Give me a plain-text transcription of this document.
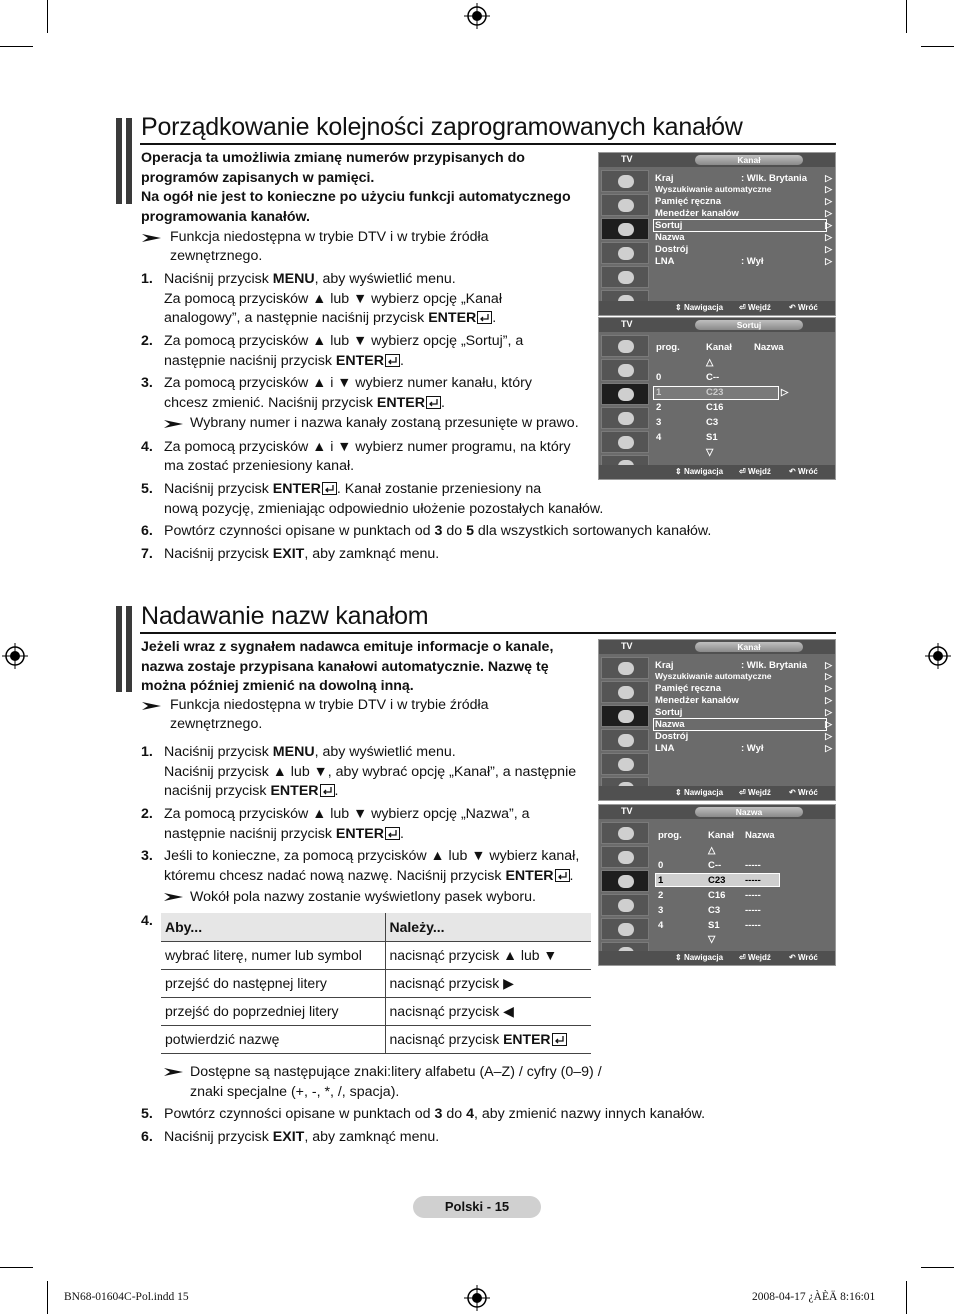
Porządkowanie kolejności zaprogramowanych kanałów
Operacja ta umożliwia zmianę numerów przypisanych do
programów zapisanych w pamięci.
Na ogół nie jest to konieczne po użyciu funkcji automatycznego
programowania kanałów.
Funkcja niedostępna w trybie DTV i w trybie źródła
zewnętrznego.
1. Naciśnij przycisk MENU, aby wyświetlić menu.
Za pomocą przycisków ▲ lub ▼ wybierz opcję „Kanał
analogowy”, a następnie naciśnij przycisk ENTER .
2. Za pomocą przycisków ▲ lub ▼ wybierz opcję „Sortuj”, a
następnie naciśnij przycisk ENTER .
3. Za pomocą przycisków ▲ i ▼ wybierz numer kanału, który
chcesz zmienić. Naciśnij przycisk ENTER .
Wybrany numer i nazwa kanały zostaną przesunięte w prawo.
4. Za pomocą przycisków ▲ i ▼ wybierz numer programu, na który
ma zostać przeniesiony kanał.
5. Naciśnij przycisk ENTER . Kanał zostanie przeniesiony na
nową pozycję, zmieniając odpowiednio ułożenie pozostałych kanałów.
6. Powtórz czynności opisane w punktach od 3 do 5 dla wszystkich sortowanych kanałów.
7. Naciśnij przycisk EXIT, aby zamknąć menu.
TV	Kanał
Kraj	: Wlk. Brytania ▷
Wyszukiwanie automatyczne	▷
Pamięć ręczna	▷
Menedżer kanałów	▷
Sortuj	▷
Nazwa	▷
Dostrój	▷
LNA	: Wył	▷
⇕ Nawigacja ⏎ Wejdź ↶ Wróć
TV	Sortuj
prog.	Kanał Nazwa
△
0	C--
1	C23	▷
2	C16
3	C3
4	S1
▽
⇕ Nawigacja ⏎ Wejdź ↶ Wróć
Nadawanie nazw kanałom
Jeżeli wraz z sygnałem nadawca emituje informacje o kanale,
nazwa zostaje przypisana kanałowi automatycznie. Nazwę tę
można później zmienić na dowolną inną.
Funkcja niedostępna w trybie DTV i w trybie źródła
zewnętrznego.
1. Naciśnij przycisk MENU, aby wyświetlić menu.
Naciśnij przycisk ▲ lub ▼, aby wybrać opcję „Kanał”, a następnie
naciśnij przycisk ENTER .
2. Za pomocą przycisków ▲ lub ▼ wybierz opcję „Nazwa”, a
następnie naciśnij przycisk ENTER .
3. Jeśli to konieczne, za pomocą przycisków ▲ lub ▼ wybierz kanał,
któremu chcesz nadać nową nazwę. Naciśnij przycisk ENTER .
Wokół pola nazwy zostanie wyświetlony pasek wyboru.
4. Aby...	Należy...
wybrać literę, numer lub symbol	nacisnąć przycisk ▲ lub ▼
przejść do następnej litery	nacisnąć przycisk ▶
przejść do poprzedniej litery	nacisnąć przycisk ◀
potwierdzić nazwę	nacisnąć przycisk ENTER
Dostępne są następujące znaki:litery alfabetu (A–Z) / cyfry (0–9) /
znaki specjalne (+, -, *, /, spacja).
5. Powtórz czynności opisane w punktach od 3 do 4, aby zmienić nazwy innych kanałów.
6. Naciśnij przycisk EXIT, aby zamknąć menu.
TV	Kanał
Kraj	: Wlk. Brytania ▷
Wyszukiwanie automatyczne	▷
Pamięć ręczna	▷
Menedżer kanałów	▷
Sortuj	▷
Nazwa	▷
Dostrój	▷
LNA	: Wył	▷
⇕ Nawigacja ⏎ Wejdź ↶ Wróć
TV	Nazwa
prog.	Kanał Nazwa
△
0	C--	-----
1	C23 -----
2	C16 -----
3	C3	-----
4	S1	-----
▽
⇕ Nawigacja ⏎ Wejdź ↶ Wróć
Polski - 15
BN68-01604C-Pol.indd 15	2008-04-17 ¿ÀÈÄ 8:16:01
